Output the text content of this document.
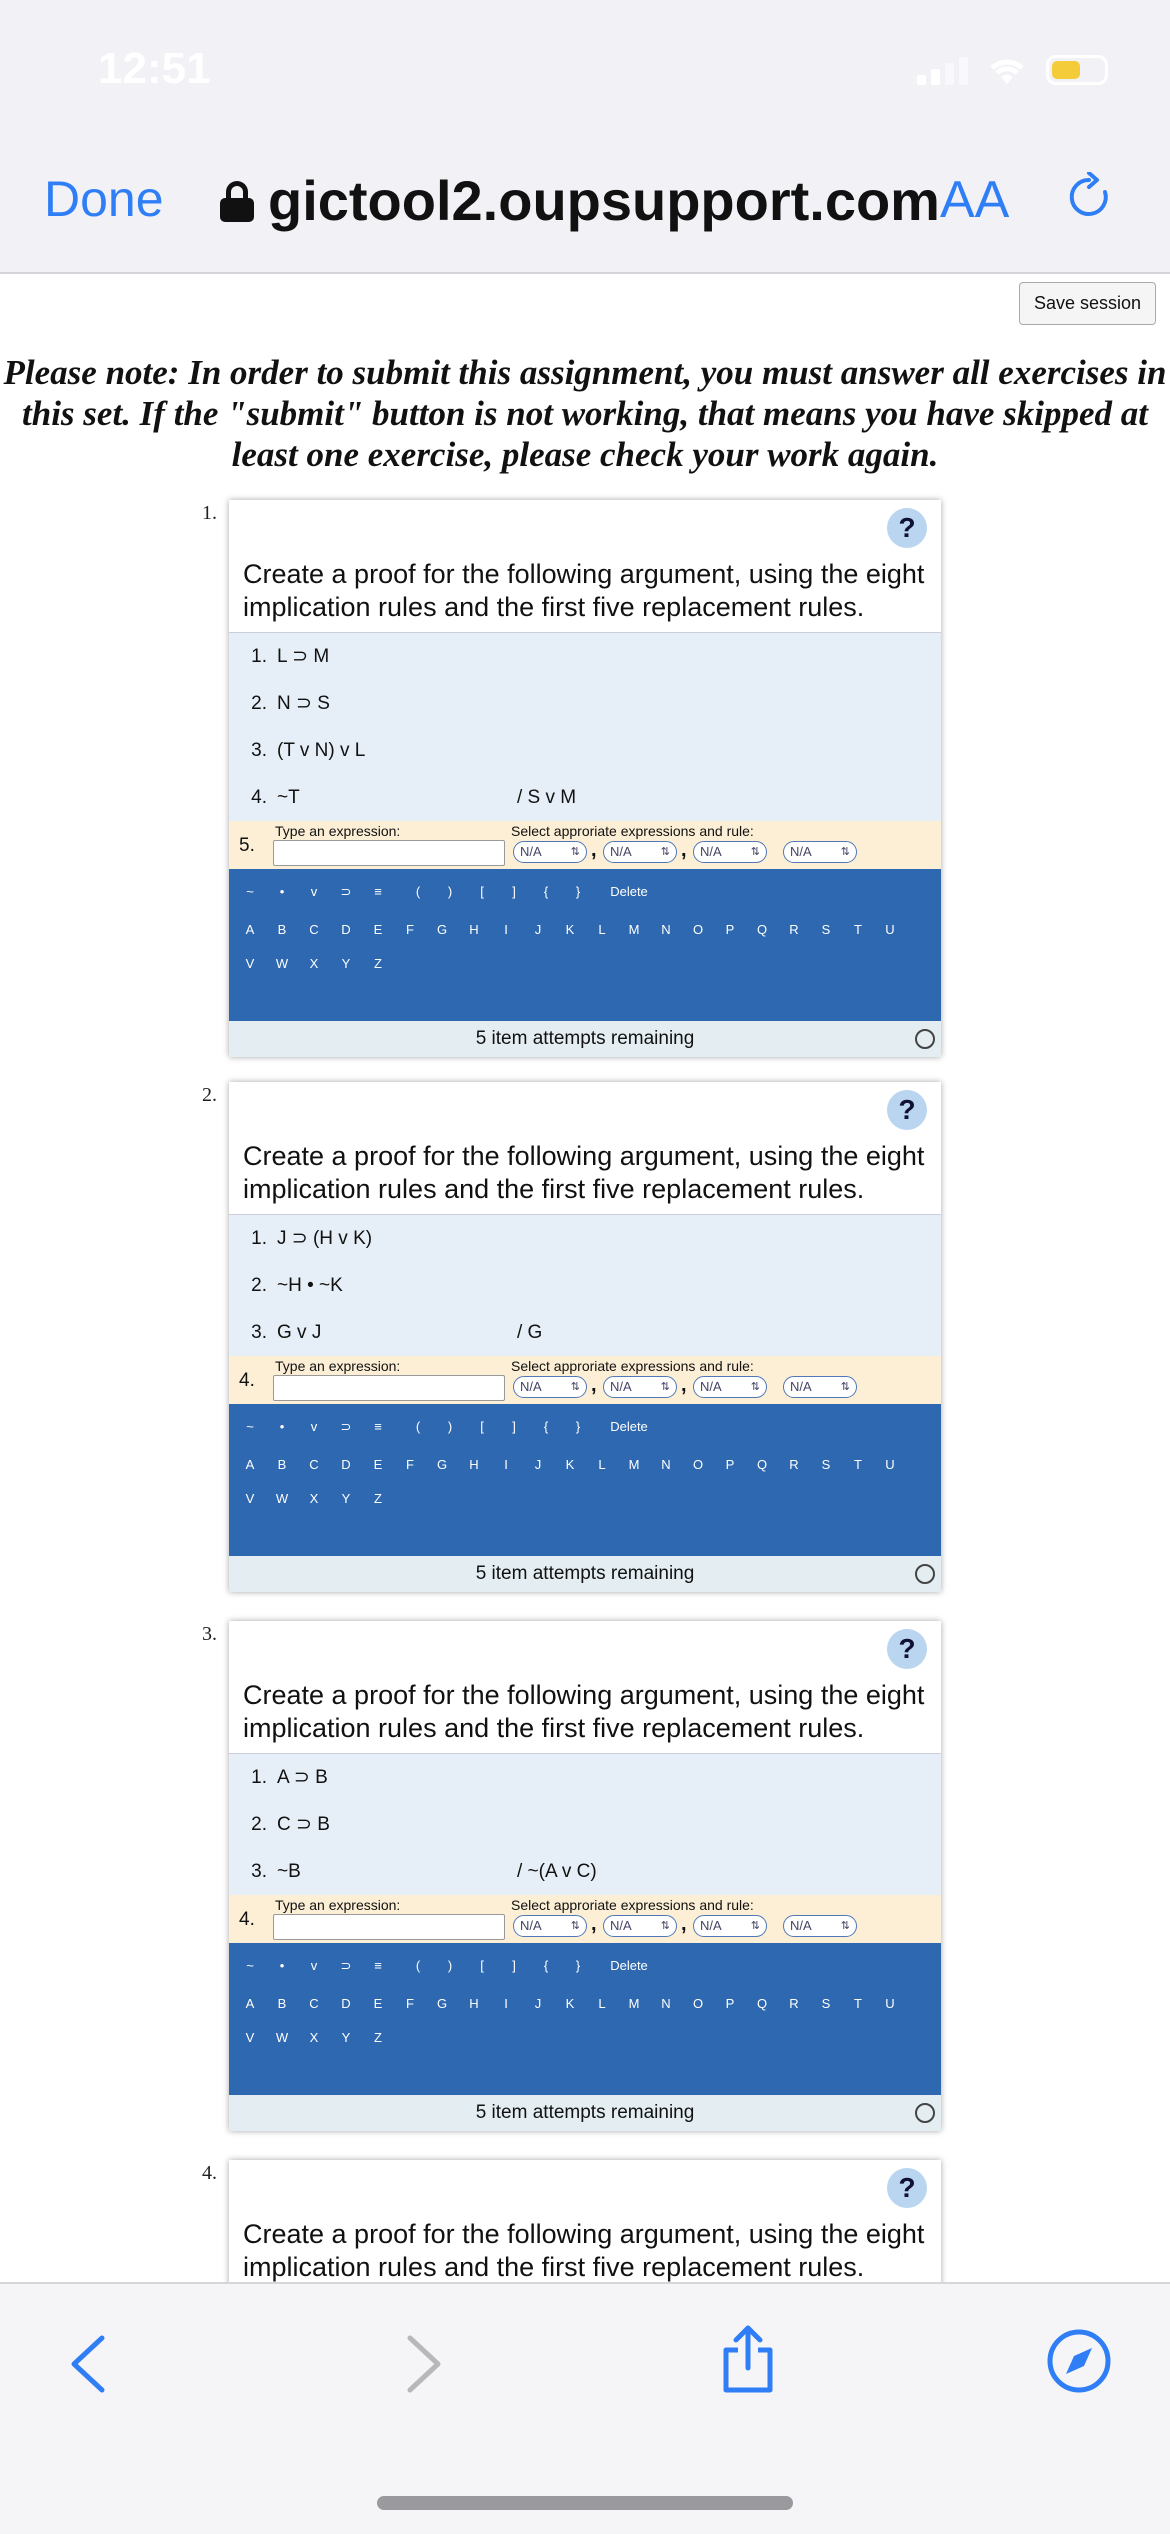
12:51
Done gictool2.oupsupport.com AA
Save session
Please note: In order to submit this assignment, you must answer all exercises in this set. If the "submit" button is not working, that means you have skipped at least one exercise, please check your work again.
1.	?
Create a proof for the following argument, using the eight implication rules and the first five replacement rules.
1. L ⊃ M
2. N ⊃ S
3. (T v N) v L
4. ~T	/ S v M
5.
Type an expression:	Select approriate expressions and rule:
N/A ⇅	,	N/A ⇅	,	N/A ⇅	N/A ⇅
~	•	v	⊃	≡	(	)	[	]	{	}	Delete
A	B	C	D	E	F	G	H	I	J	K	L	M	N	O	P	Q	R	S	T	U
V	W	X	Y	Z
5 item attempts remaining
2.	?
Create a proof for the following argument, using the eight implication rules and the first five replacement rules.
1. J ⊃ (H v K)
2. ~H • ~K
3. G v J	/ G
4.
Type an expression:	Select approriate expressions and rule:
N/A ⇅	,	N/A ⇅	,	N/A ⇅	N/A ⇅
~	•	v	⊃	≡	(	)	[	]	{	}	Delete
A	B	C	D	E	F	G	H	I	J	K	L	M	N	O	P	Q	R	S	T	U
V	W	X	Y	Z
5 item attempts remaining
3.	?
Create a proof for the following argument, using the eight implication rules and the first five replacement rules.
1. A ⊃ B
2. C ⊃ B
3. ~B	/ ~(A v C)
4.
Type an expression:	Select approriate expressions and rule:
N/A ⇅	,	N/A ⇅	,	N/A ⇅	N/A ⇅
~	•	v	⊃	≡	(	)	[	]	{	}	Delete
A	B	C	D	E	F	G	H	I	J	K	L	M	N	O	P	Q	R	S	T	U
V	W	X	Y	Z
5 item attempts remaining
4.	?
Create a proof for the following argument, using the eight implication rules and the first five replacement rules.
